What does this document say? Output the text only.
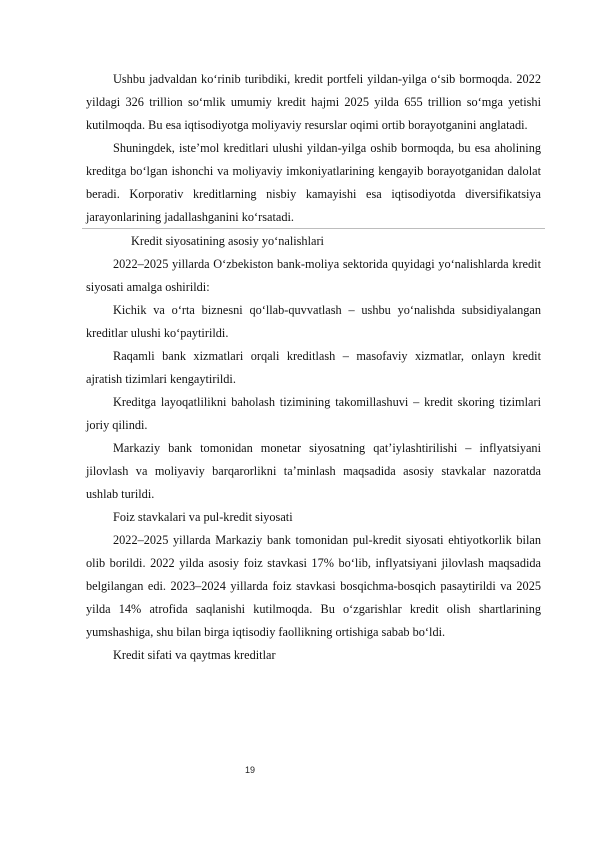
Ushbu jadvaldan ko‘rinib turibdiki, kredit portfeli yildan-yilga o‘sib bormoqda. 2022 yildagi 326 trillion so‘mlik umumiy kredit hajmi 2025 yilda 655 trillion so‘mga yetishi kutilmoqda. Bu esa iqtisodiyotga moliyaviy resurslar oqimi ortib borayotganini anglatadi.

Shuningdek, iste’mol kreditlari ulushi yildan-yilga oshib bormoqda, bu esa aholining kreditga bo‘lgan ishonchi va moliyaviy imkoniyatlarining kengayib borayotganidan dalolat beradi. Korporativ kreditlarning nisbiy kamayishi esa iqtisodiyotda diversifikatsiya jarayonlarining jadallashganini ko‘rsatadi.

Kredit siyosatining asosiy yo‘nalishlari

2022–2025 yillarda O‘zbekiston bank-moliya sektorida quyidagi yo‘nalishlarda kredit siyosati amalga oshirildi:

Kichik va o‘rta biznesni qo‘llab-quvvatlash – ushbu yo‘nalishda subsidiyalangan kreditlar ulushi ko‘paytirildi.

Raqamli bank xizmatlari orqali kreditlash – masofaviy xizmatlar, onlayn kredit ajratish tizimlari kengaytirildi.

Kreditga layoqatlilikni baholash tizimining takomillashuvi – kredit skoring tizimlari joriy qilindi.

Markaziy bank tomonidan monetar siyosatning qat’iylashtirilishi – inflyatsiyani jilovlash va moliyaviy barqarorlikni ta’minlash maqsadida asosiy stavkalar nazoratda ushlab turildi.

Foiz stavkalari va pul-kredit siyosati

2022–2025 yillarda Markaziy bank tomonidan pul-kredit siyosati ehtiyotkorlik bilan olib borildi. 2022 yilda asosiy foiz stavkasi 17% bo‘lib, inflyatsiyani jilovlash maqsadida belgilangan edi. 2023–2024 yillarda foiz stavkasi bosqichma-bosqich pasaytirildi va 2025 yilda 14% atrofida saqlanishi kutilmoqda. Bu o‘zgarishlar kredit olish shartlarining yumshashiga, shu bilan birga iqtisodiy faollikning ortishiga sabab bo‘ldi.

Kredit sifati va qaytmas kreditlar

19
